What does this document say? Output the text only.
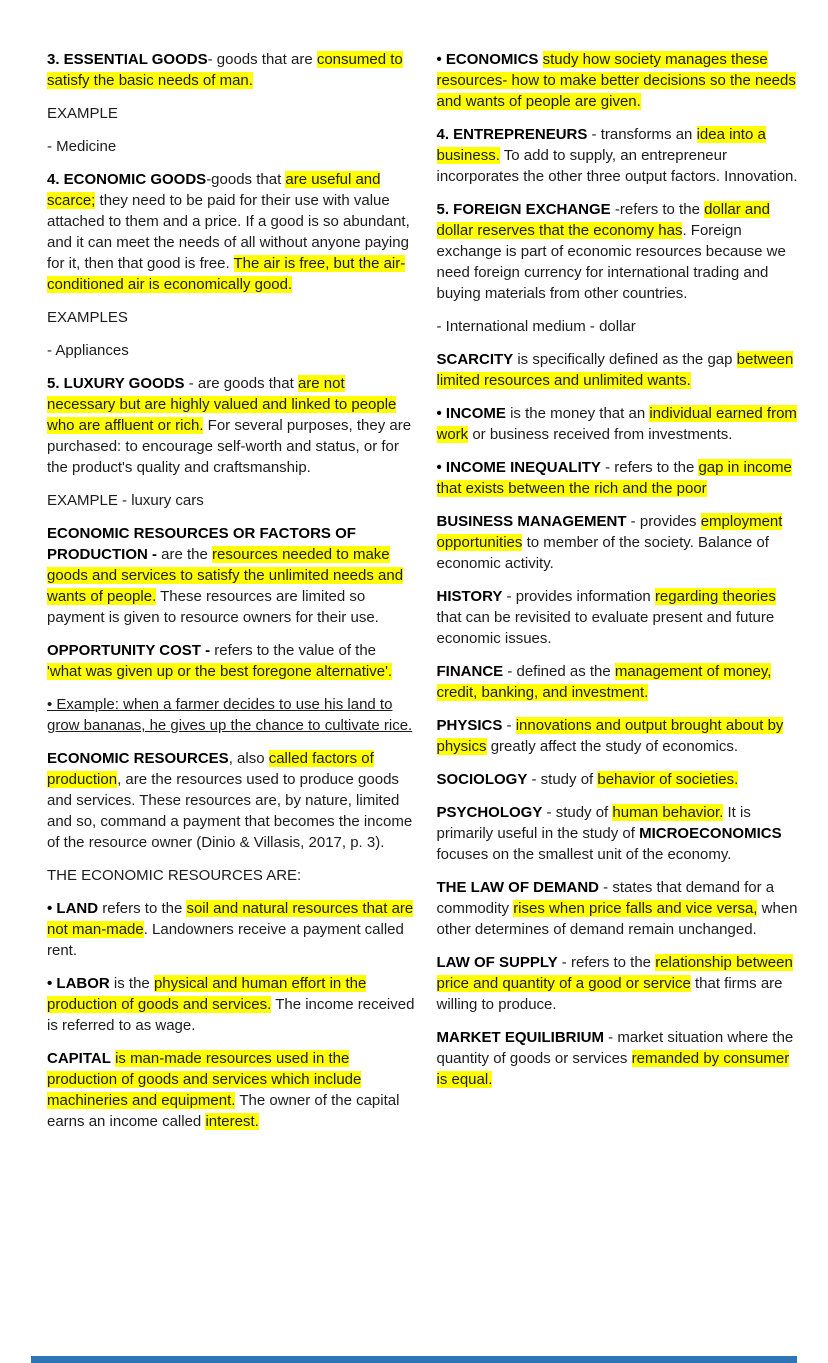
3. ESSENTIAL GOODS- goods that are consumed to satisfy the basic needs of man.

EXAMPLE

- Medicine

4. ECONOMIC GOODS-goods that are useful and scarce; they need to be paid for their use with value attached to them and a price. If a good is so abundant, and it can meet the needs of all without anyone paying for it, then that good is free. The air is free, but the air-conditioned air is economically good.

EXAMPLES

- Appliances

5. LUXURY GOODS - are goods that are not necessary but are highly valued and linked to people who are affluent or rich. For several purposes, they are purchased: to encourage self-worth and status, or for the product's quality and craftsmanship.

EXAMPLE - luxury cars

ECONOMIC RESOURCES OR FACTORS OF PRODUCTION - are the resources needed to make goods and services to satisfy the unlimited needs and wants of people. These resources are limited so payment is given to resource owners for their use.

OPPORTUNITY COST - refers to the value of the 'what was given up or the best foregone alternative'.

• Example: when a farmer decides to use his land to grow bananas, he gives up the chance to cultivate rice.

ECONOMIC RESOURCES, also called factors of production, are the resources used to produce goods and services. These resources are, by nature, limited and so, command a payment that becomes the income of the resource owner (Dinio & Villasis, 2017, p. 3).

THE ECONOMIC RESOURCES ARE:

• LAND refers to the soil and natural resources that are not man-made. Landowners receive a payment called rent.

• LABOR is the physical and human effort in the production of goods and services. The income received is referred to as wage.

CAPITAL is man-made resources used in the production of goods and services which include machineries and equipment. The owner of the capital earns an income called interest.

• ECONOMICS study how society manages these resources- how to make better decisions so the needs and wants of people are given.

4. ENTREPRENEURS - transforms an idea into a business. To add to supply, an entrepreneur incorporates the other three output factors. Innovation.

5. FOREIGN EXCHANGE -refers to the dollar and dollar reserves that the economy has. Foreign exchange is part of economic resources because we need foreign currency for international trading and buying materials from other countries.

- International medium - dollar

SCARCITY is specifically defined as the gap between limited resources and unlimited wants.

• INCOME is the money that an individual earned from work or business received from investments.

• INCOME INEQUALITY - refers to the gap in income that exists between the rich and the poor

BUSINESS MANAGEMENT - provides employment opportunities to member of the society. Balance of economic activity.

HISTORY - provides information regarding theories that can be revisited to evaluate present and future economic issues.

FINANCE - defined as the management of money, credit, banking, and investment.

PHYSICS - innovations and output brought about by physics greatly affect the study of economics.

SOCIOLOGY - study of behavior of societies.

PSYCHOLOGY - study of human behavior. It is primarily useful in the study of MICROECONOMICS focuses on the smallest unit of the economy.

THE LAW OF DEMAND - states that demand for a commodity rises when price falls and vice versa, when other determines of demand remain unchanged.

LAW OF SUPPLY - refers to the relationship between price and quantity of a good or service that firms are willing to produce.

MARKET EQUILIBRIUM - market situation where the quantity of goods or services remanded by consumer is equal.
